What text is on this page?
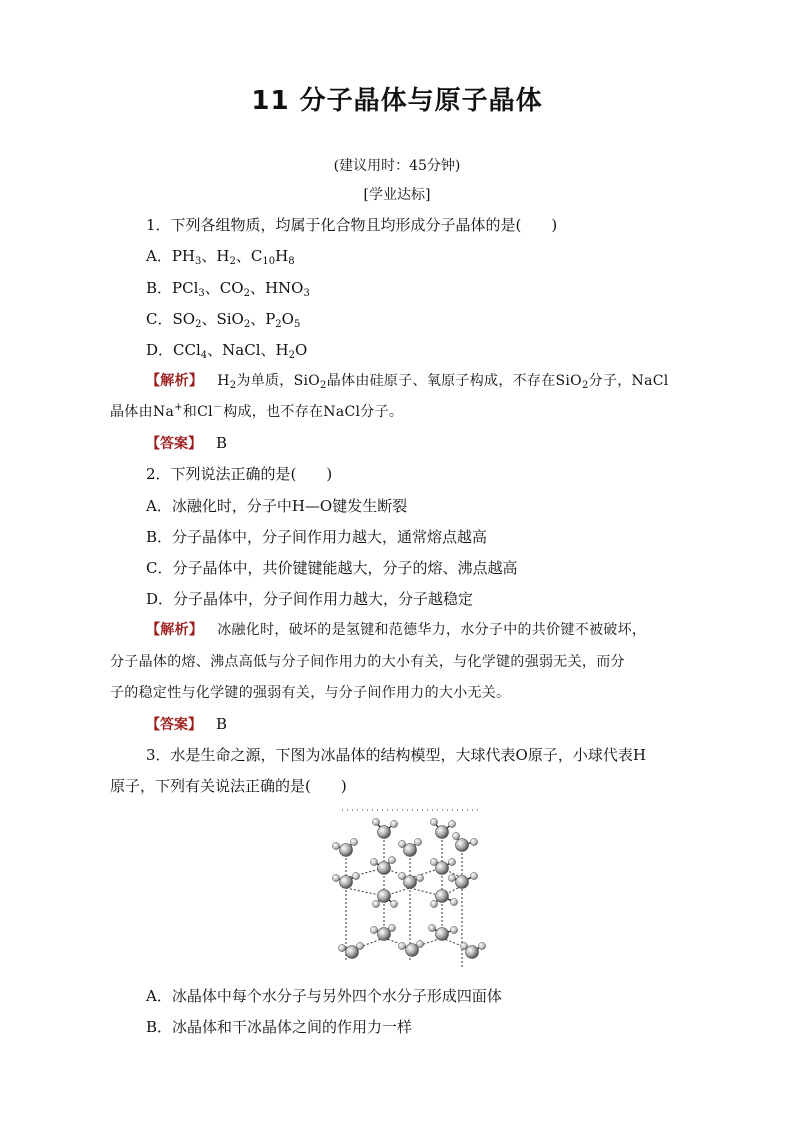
11 分子晶体与原子晶体
(建议用时：45分钟)
[学业达标]
1．下列各组物质，均属于化合物且均形成分子晶体的是(　　)
A．$PH_3$、$H_2$、$C_{10}H_8$
B．PCl$_3$、$CO_2$、$HNO_3$
C．$SO_2$、SiO$_2$、$P_2O_5$
D．CCl$_4$、NaCl、$H_2O$
【解析】 $H_2$为单质，SiO$_2$晶体由硅原子、氧原子构成，不存在SiO$_2$分子，NaCl
晶体由Na+和Cl－构成，也不存在NaCl分子。
【答案】 B
2．下列说法正确的是(　　)
A．冰融化时，分子中H—O键发生断裂
B．分子晶体中，分子间作用力越大，通常熔点越高
C．分子晶体中，共价键键能越大，分子的熔、沸点越高
D．分子晶体中，分子间作用力越大，分子越稳定
【解析】 冰融化时，破坏的是氢键和范德华力，水分子中的共价键不被破坏，
分子晶体的熔、沸点高低与分子间作用力的大小有关，与化学键的强弱无关，而分
子的稳定性与化学键的强弱有关，与分子间作用力的大小无关。
【答案】 B
3．水是生命之源，下图为冰晶体的结构模型，大球代表O原子，小球代表H
原子，下列有关说法正确的是(　　)
A．冰晶体中每个水分子与另外四个水分子形成四面体
B．冰晶体和干冰晶体之间的作用力一样
